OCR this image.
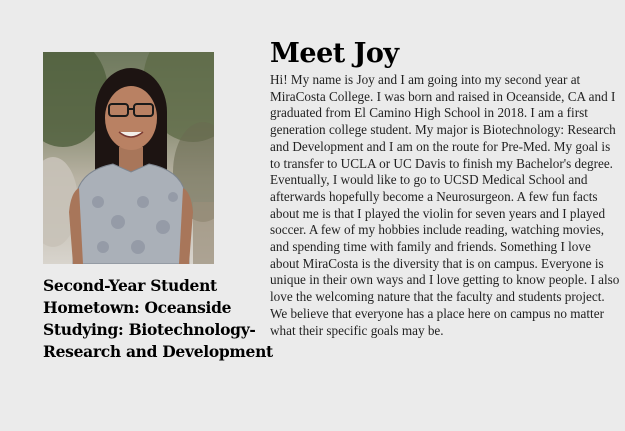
Second-Year Student
Hometown: Oceanside
Studying: Biotechnology-
Research and Development
Meet Joy

Hi! My name is Joy and I am going into my second year at MiraCosta College. I was born and raised in Oceanside, CA and I graduated from El Camino High School in 2018. I am a first generation college student. My major is Biotechnology: Research and Development and I am on the route for Pre-Med. My goal is to transfer to UCLA or UC Davis to finish my Bachelor's degree. Eventually, I would like to go to UCSD Medical School and afterwards hopefully become a Neurosurgeon. A few fun facts about me is that I played the violin for seven years and I played soccer. A few of my hobbies include reading, watching movies, and spending time with family and friends. Something I love about MiraCosta is the diversity that is on campus. Everyone is unique in their own ways and I love getting to know people. I also love the welcoming nature that the faculty and students project. We believe that everyone has a place here on campus no matter what their specific goals may be.
